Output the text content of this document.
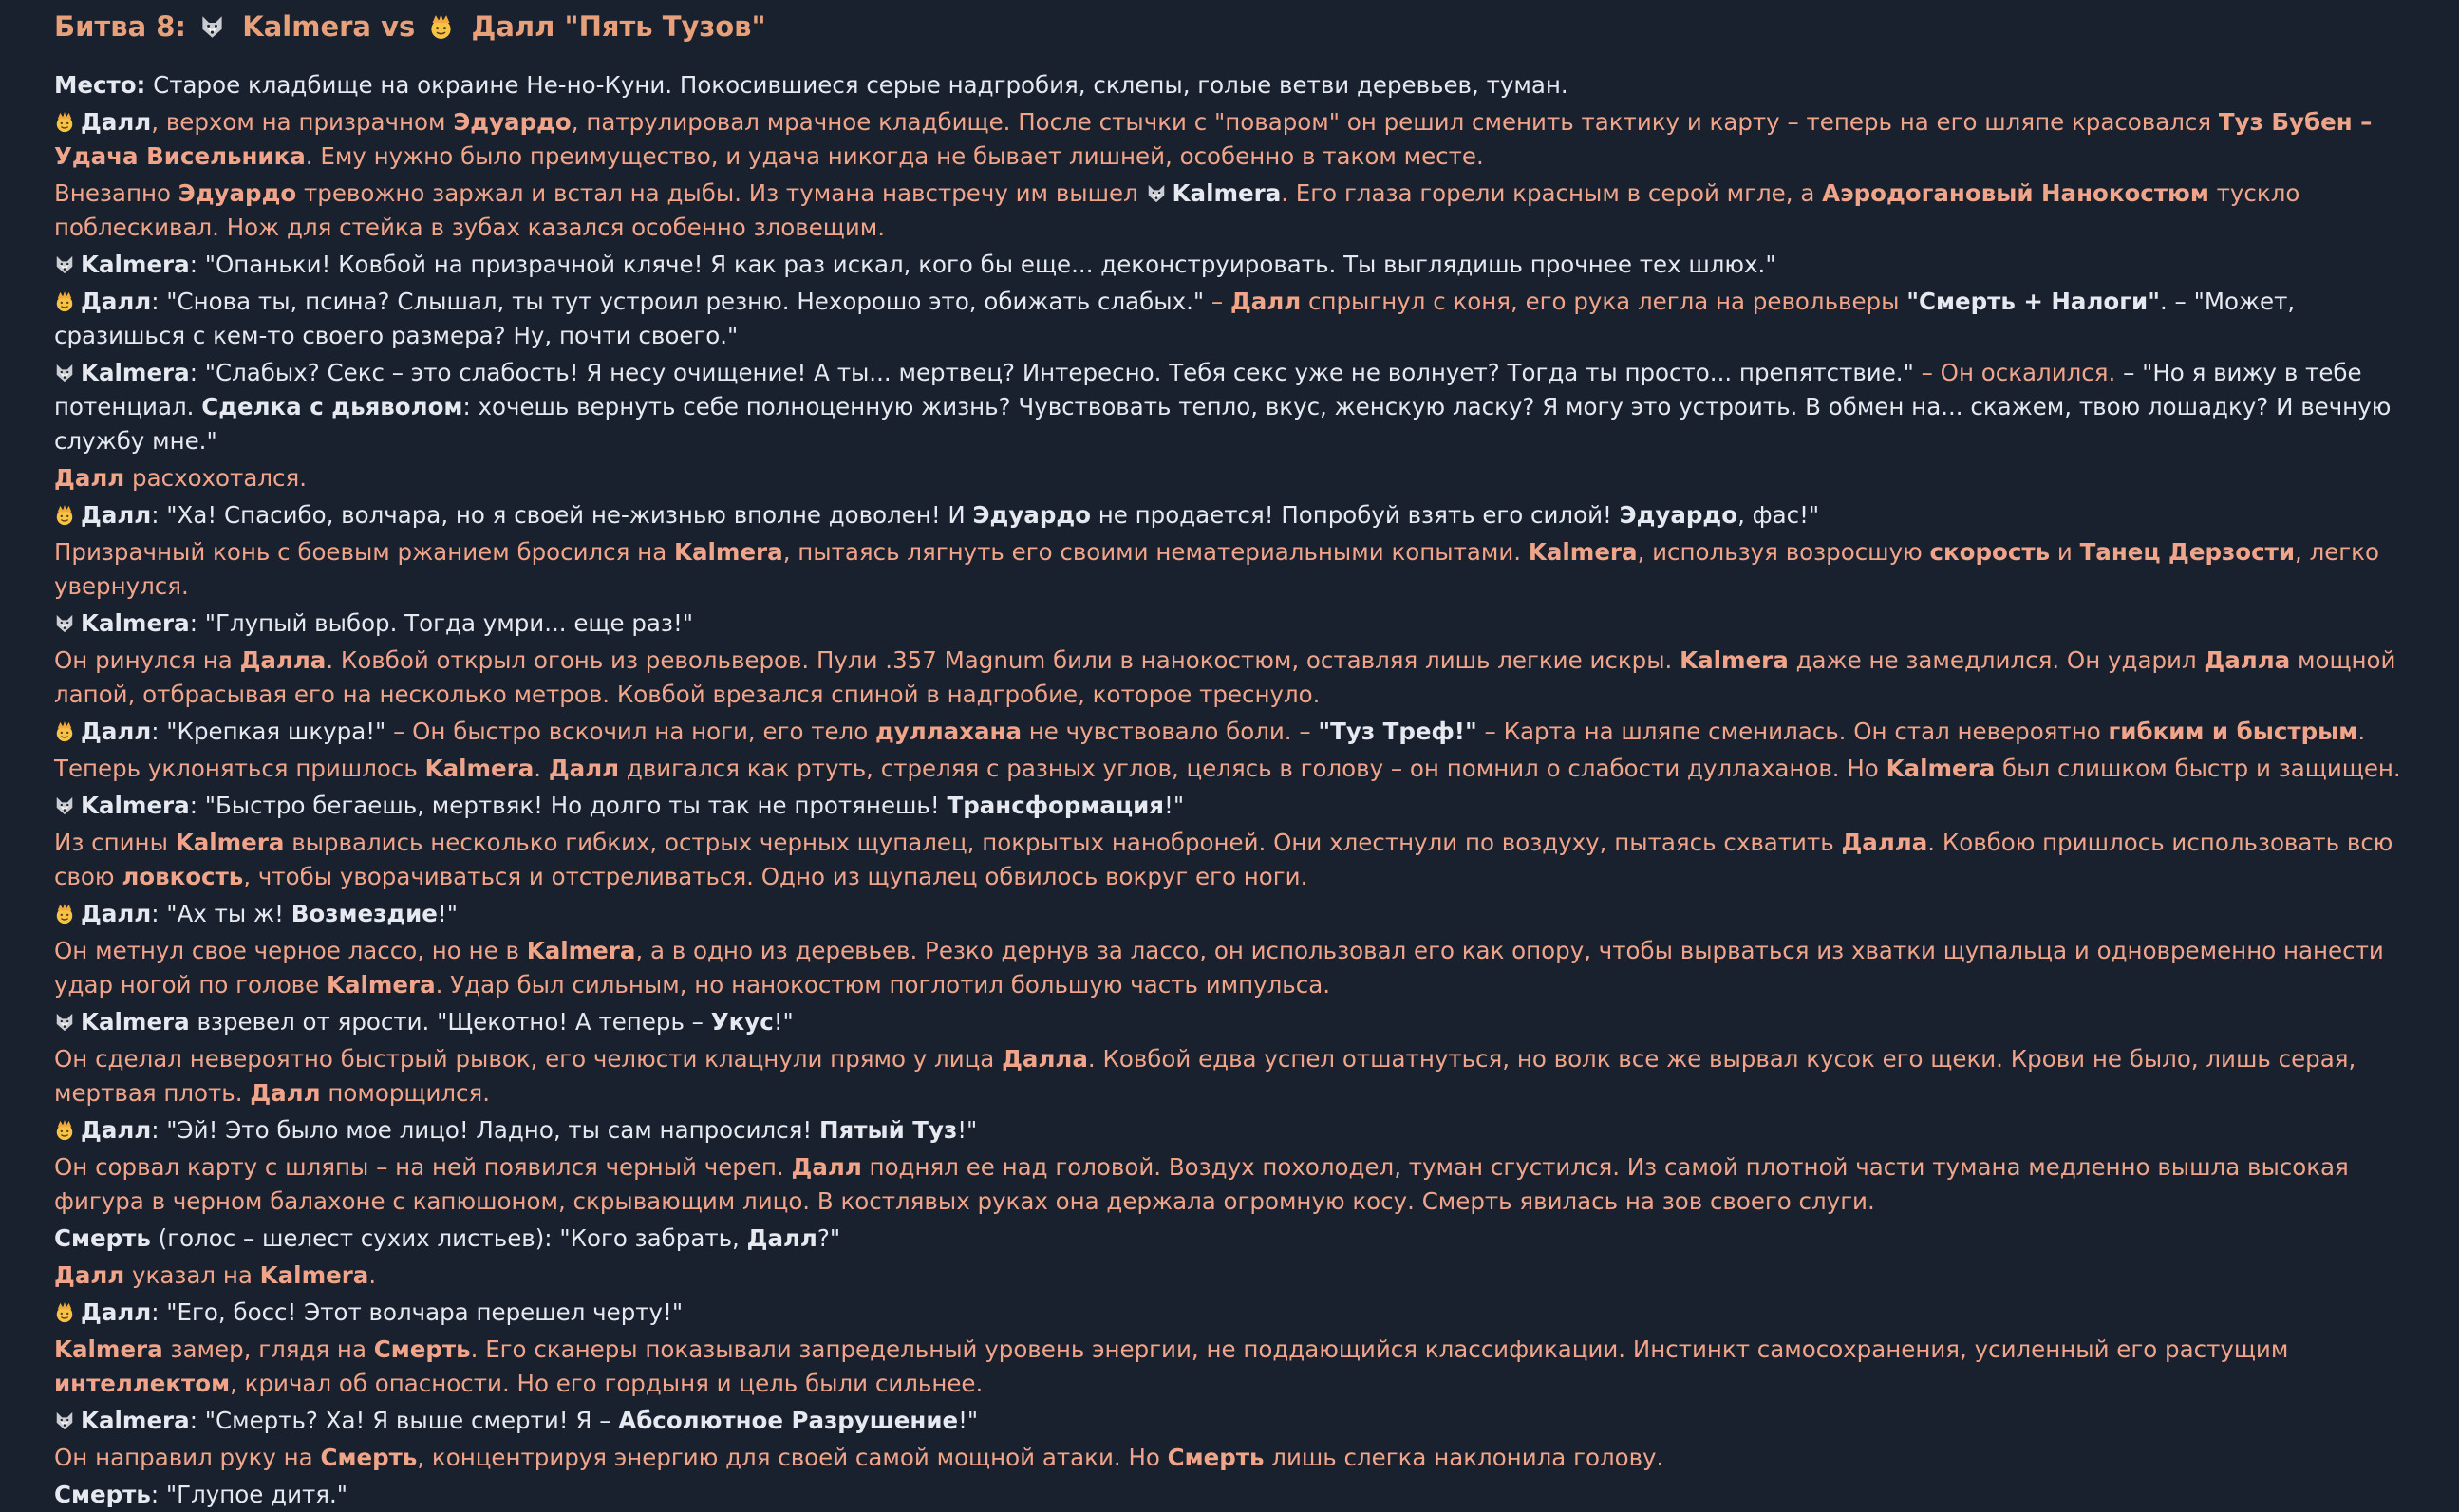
Битва 8: Kalmera vs Далл "Пять Тузов"
Место: Старое кладбище на окраине Не-но-Куни. Покосившиеся серые надгробия, склепы, голые ветви деревьев, туман.
Далл, верхом на призрачном Эдуардо, патрулировал мрачное кладбище. После стычки с "поваром" он решил сменить тактику и карту – теперь на его шляпе красовался Туз Бубен – Удача Висельника. Ему нужно было преимущество, и удача никогда не бывает лишней, особенно в таком месте.
Внезапно Эдуардо тревожно заржал и встал на дыбы. Из тумана навстречу им вышел Kalmera. Его глаза горели красным в серой мгле, а Аэродогановый Нанокостюм тускло поблескивал. Нож для стейка в зубах казался особенно зловещим.
Kalmera: "Опаньки! Ковбой на призрачной кляче! Я как раз искал, кого бы еще... деконструировать. Ты выглядишь прочнее тех шлюх."
Далл: "Снова ты, псина? Слышал, ты тут устроил резню. Нехорошо это, обижать слабых." – Далл спрыгнул с коня, его рука легла на револьверы "Смерть + Налоги". – "Может, сразишься с кем-то своего размера? Ну, почти своего."
Kalmera: "Слабых? Секс – это слабость! Я несу очищение! А ты... мертвец? Интересно. Тебя секс уже не волнует? Тогда ты просто... препятствие." – Он оскалился. – "Но я вижу в тебе потенциал. Сделка с дьяволом: хочешь вернуть себе полноценную жизнь? Чувствовать тепло, вкус, женскую ласку? Я могу это устроить. В обмен на... скажем, твою лошадку? И вечную службу мне."
Далл расхохотался.
Далл: "Ха! Спасибо, волчара, но я своей не-жизнью вполне доволен! И Эдуардо не продается! Попробуй взять его силой! Эдуардо, фас!"
Призрачный конь с боевым ржанием бросился на Kalmera, пытаясь лягнуть его своими нематериальными копытами. Kalmera, используя возросшую скорость и Танец Дерзости, легко увернулся.
Kalmera: "Глупый выбор. Тогда умри... еще раз!"
Он ринулся на Далла. Ковбой открыл огонь из револьверов. Пули .357 Magnum били в нанокостюм, оставляя лишь легкие искры. Kalmera даже не замедлился. Он ударил Далла мощной лапой, отбрасывая его на несколько метров. Ковбой врезался спиной в надгробие, которое треснуло.
Далл: "Крепкая шкура!" – Он быстро вскочил на ноги, его тело дуллахана не чувствовало боли. – "Туз Треф!" – Карта на шляпе сменилась. Он стал невероятно гибким и быстрым.
Теперь уклоняться пришлось Kalmera. Далл двигался как ртуть, стреляя с разных углов, целясь в голову – он помнил о слабости дуллаханов. Но Kalmera был слишком быстр и защищен.
Kalmera: "Быстро бегаешь, мертвяк! Но долго ты так не протянешь! Трансформация!"
Из спины Kalmera вырвались несколько гибких, острых черных щупалец, покрытых наноброней. Они хлестнули по воздуху, пытаясь схватить Далла. Ковбою пришлось использовать всю свою ловкость, чтобы уворачиваться и отстреливаться. Одно из щупалец обвилось вокруг его ноги.
Далл: "Ах ты ж! Возмездие!"
Он метнул свое черное лассо, но не в Kalmera, а в одно из деревьев. Резко дернув за лассо, он использовал его как опору, чтобы вырваться из хватки щупальца и одновременно нанести удар ногой по голове Kalmera. Удар был сильным, но нанокостюм поглотил большую часть импульса.
Kalmera взревел от ярости. "Щекотно! А теперь – Укус!"
Он сделал невероятно быстрый рывок, его челюсти клацнули прямо у лица Далла. Ковбой едва успел отшатнуться, но волк все же вырвал кусок его щеки. Крови не было, лишь серая, мертвая плоть. Далл поморщился.
Далл: "Эй! Это было мое лицо! Ладно, ты сам напросился! Пятый Туз!"
Он сорвал карту с шляпы – на ней появился черный череп. Далл поднял ее над головой. Воздух похолодел, туман сгустился. Из самой плотной части тумана медленно вышла высокая фигура в черном балахоне с капюшоном, скрывающим лицо. В костлявых руках она держала огромную косу. Смерть явилась на зов своего слуги.
Смерть (голос – шелест сухих листьев): "Кого забрать, Далл?"
Далл указал на Kalmera.
Далл: "Его, босс! Этот волчара перешел черту!"
Kalmera замер, глядя на Смерть. Его сканеры показывали запредельный уровень энергии, не поддающийся классификации. Инстинкт самосохранения, усиленный его растущим интеллектом, кричал об опасности. Но его гордыня и цель были сильнее.
Kalmera: "Смерть? Ха! Я выше смерти! Я – Абсолютное Разрушение!"
Он направил руку на Смерть, концентрируя энергию для своей самой мощной атаки. Но Смерть лишь слегка наклонила голову.
Смерть: "Глупое дитя."
